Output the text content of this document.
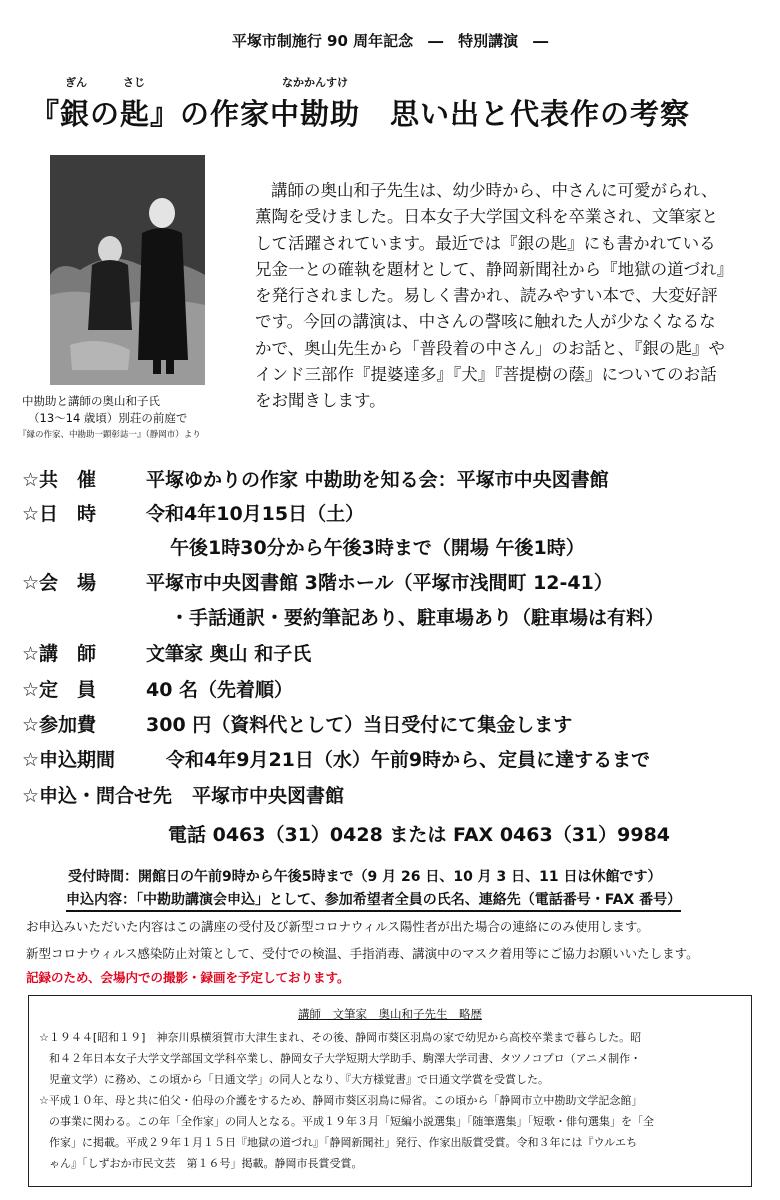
平塚市制施行 90 周年記念　―　特別講演　―
ぎん	さじ	なかかんすけ
『銀の匙』の作家中勘助　思い出と代表作の考察
中勘助と講師の奥山和子氏
（13～14 歳頃）別荘の前庭で
『縁の作家、中勘助一顕彰誌一』（静岡市）より
講師の奥山和子先生は、幼少時から、中さんに可愛がられ、
薫陶を受けました。日本女子大学国文科を卒業され、文筆家と
して活躍されています。最近では『銀の匙』にも書かれている
兄金一との確執を題材として、静岡新聞社から『地獄の道づれ』
を発行されました。易しく書かれ、読みやすい本で、大変好評
です。今回の講演は、中さんの謦咳に触れた人が少なくなるな
かで、奥山先生から「普段着の中さん」のお話と、『銀の匙』や
インド三部作『提婆達多』『犬』『菩提樹の蔭』についてのお話
をお聞きします。
☆共　催	平塚ゆかりの作家 中勘助を知る会：平塚市中央図書館
☆日　時	令和4年10月15日（土）
午後1時30分から午後3時まで（開場 午後1時）
☆会　場	平塚市中央図書館 3階ホール（平塚市浅間町 12-41）
・手話通訳・要約筆記あり、駐車場あり（駐車場は有料）
☆講　師	文筆家 奥山 和子氏
☆定　員	40 名（先着順）
☆参加費	300 円（資料代として）当日受付にて集金します
☆申込期間	令和4年9月21日（水）午前9時から、定員に達するまで
☆申込・問合せ先 平塚市中央図書館
電話 0463（31）0428 または FAX 0463（31）9984
受付時間：開館日の午前9時から午後5時まで（9 月 26 日、10 月 3 日、11 日は休館です）
申込内容：「中勘助講演会申込」として、参加希望者全員の氏名、連絡先（電話番号・FAX 番号）
お申込みいただいた内容はこの講座の受付及び新型コロナウィルス陽性者が出た場合の連絡にのみ使用します。
新型コロナウィルス感染防止対策として、受付での検温、手指消毒、講演中のマスク着用等にご協力お願いいたします。
記録のため、会場内での撮影・録画を予定しております。
講師　文筆家　奥山和子先生　略歴
☆１９４４[昭和１９]　神奈川県横須賀市大津生まれ、その後、静岡市葵区羽鳥の家で幼児から高校卒業まで暮らした。昭
和４２年日本女子大学文学部国文学科卒業し、静岡女子大学短期大学助手、駒澤大学司書、タツノコプロ（アニメ制作・
児童文学）に務め、この頃から「日通文学」の同人となり、『大方様覚書』で日通文学賞を受賞した。
☆平成１０年、母と共に伯父・伯母の介護をするため、静岡市葵区羽鳥に帰省。この頃から「静岡市立中勘助文学記念館」
の事業に関わる。この年「全作家」の同人となる。平成１９年３月「短編小説選集」「随筆選集」「短歌・俳句選集」を「全
作家」に掲載。平成２９年１月１５日『地獄の道づれ』「静岡新聞社」発行、作家出版賞受賞。令和３年には『ウルエち
ゃん』「しずおか市民文芸　第１６号」掲載。静岡市長賞受賞。
